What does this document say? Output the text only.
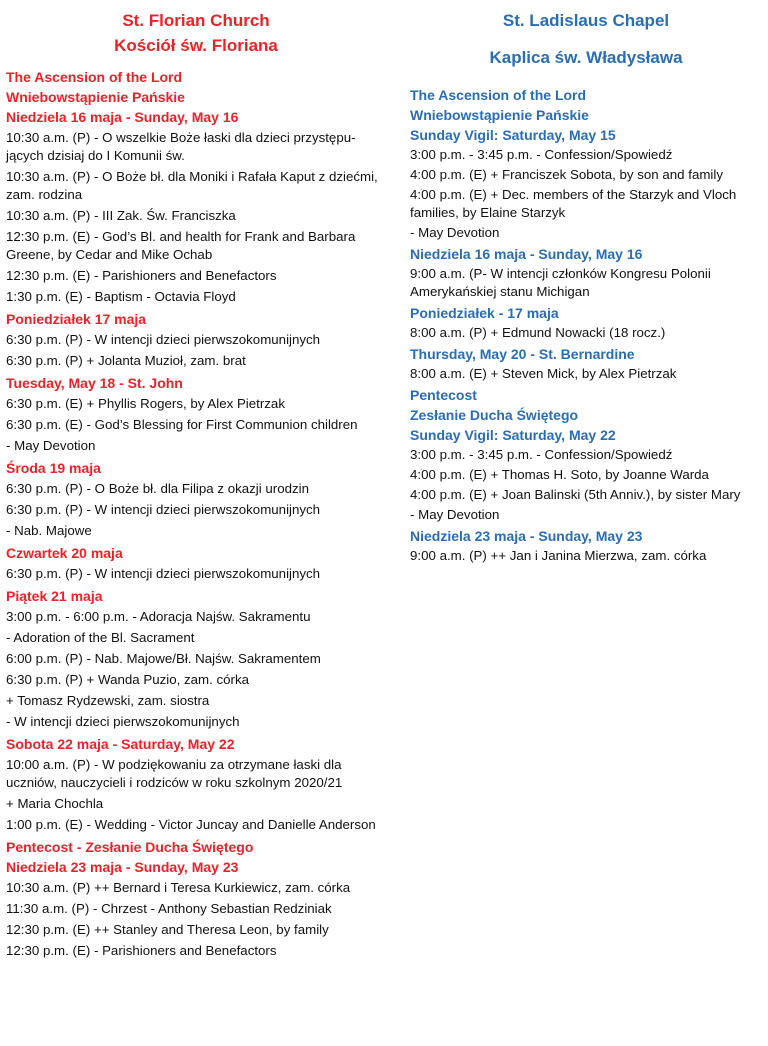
St. Florian Church
Kościół św. Floriana
The Ascension of the Lord
Wniebowstąpienie Pańskie
Niedziela 16 maja - Sunday, May 16
10:30 a.m. (P) - O wszelkie Boże łaski dla dzieci przystępu-jących dzisiaj do I Komunii św.
10:30 a.m. (P) - O Boże bł. dla Moniki i Rafała Kaput z dziećmi, zam. rodzina
10:30 a.m. (P) - III Zak. Św. Franciszka
12:30 p.m. (E) - God’s Bl. and health for Frank and Barbara Greene, by Cedar and Mike Ochab
12:30 p.m. (E) - Parishioners and Benefactors
1:30 p.m. (E) - Baptism - Octavia Floyd
Poniedziałek 17 maja
6:30 p.m. (P) - W intencji dzieci pierwszokomunijnych
6:30 p.m. (P) + Jolanta Muzioł, zam. brat
Tuesday, May 18 - St. John
6:30 p.m. (E) + Phyllis Rogers, by Alex Pietrzak
6:30 p.m. (E) - God’s Blessing for First Communion children
- May Devotion
Środa 19 maja
6:30 p.m. (P) - O Boże bł. dla Filipa z okazji urodzin
6:30 p.m. (P) - W intencji dzieci pierwszokomunijnych
- Nab. Majowe
Czwartek 20 maja
6:30 p.m. (P) - W intencji dzieci pierwszokomunijnych
Piątek 21 maja
3:00 p.m. - 6:00 p.m. - Adoracja Najśw. Sakramentu
- Adoration of the Bl. Sacrament
6:00 p.m. (P) - Nab. Majowe/Bł. Najśw. Sakramentem
6:30 p.m. (P) + Wanda Puzio, zam. córka
+ Tomasz Rydzewski, zam. siostra
- W intencji dzieci pierwszokomunijnych
Sobota 22 maja - Saturday, May 22
10:00 a.m. (P) - W podziękowaniu za otrzymane łaski dla uczniów, nauczycieli i rodziców w roku szkolnym 2020/21
+ Maria Chochla
1:00 p.m. (E) - Wedding - Victor Juncay and Danielle Anderson
Pentecost - Zesłanie Ducha Świętego
Niedziela 23 maja - Sunday, May 23
10:30 a.m. (P) ++ Bernard i Teresa Kurkiewicz, zam. córka
11:30 a.m. (P) - Chrzest - Anthony Sebastian Redziniak
12:30 p.m. (E) ++ Stanley and Theresa Leon, by family
12:30 p.m. (E) - Parishioners and Benefactors
St. Ladislaus Chapel
Kaplica św. Władysława
The Ascension of the Lord
Wniebowstąpienie Pańskie
Sunday Vigil: Saturday, May 15
3:00 p.m. - 3:45 p.m. - Confession/Spowiedź
4:00 p.m. (E) + Franciszek Sobota, by son and family
4:00 p.m. (E) + Dec. members of the Starzyk and Vloch families, by Elaine Starzyk
- May Devotion
Niedziela 16 maja - Sunday, May 16
9:00 a.m. (P- W intencji członków Kongresu Polonii Amerykańskiej stanu Michigan
Poniedziałek - 17 maja
8:00 a.m. (P) + Edmund Nowacki (18 rocz.)
Thursday, May 20 - St. Bernardine
8:00 a.m. (E) + Steven Mick, by Alex Pietrzak
Pentecost
Zesłanie Ducha Świętego
Sunday Vigil: Saturday, May 22
3:00 p.m. - 3:45 p.m. - Confession/Spowiedź
4:00 p.m. (E) + Thomas H. Soto, by Joanne Warda
4:00 p.m. (E) + Joan Balinski (5th Anniv.), by sister Mary
- May Devotion
Niedziela 23 maja - Sunday, May 23
9:00 a.m. (P) ++ Jan i Janina Mierzwa, zam. córka
